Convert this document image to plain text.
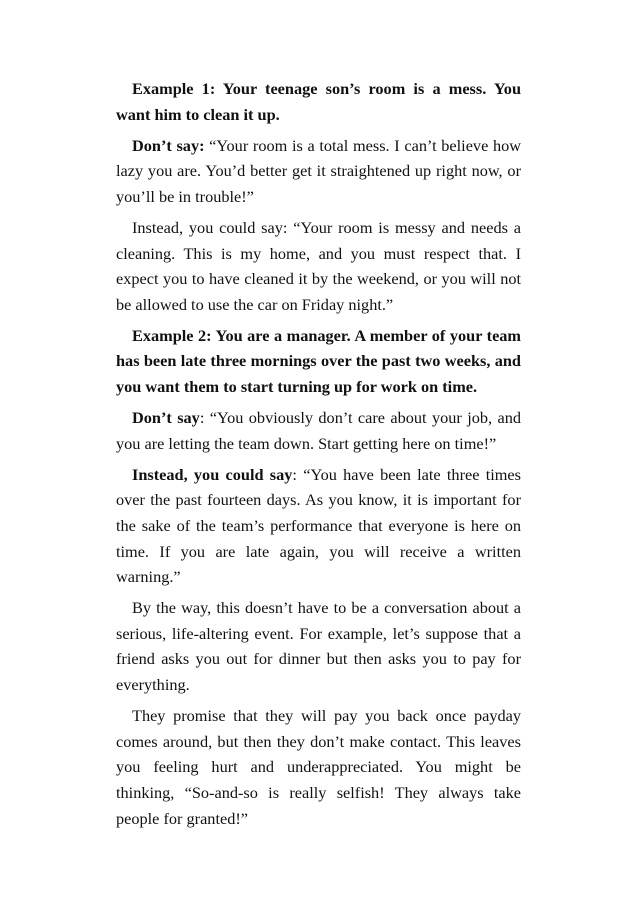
Example 1: Your teenage son’s room is a mess. You want him to clean it up.

Don’t say: “Your room is a total mess. I can’t believe how lazy you are. You’d better get it straightened up right now, or you’ll be in trouble!”

Instead, you could say: “Your room is messy and needs a cleaning. This is my home, and you must respect that. I expect you to have cleaned it by the weekend, or you will not be allowed to use the car on Friday night.”

Example 2: You are a manager. A member of your team has been late three mornings over the past two weeks, and you want them to start turning up for work on time.

Don’t say: “You obviously don’t care about your job, and you are letting the team down. Start getting here on time!”

Instead, you could say: “You have been late three times over the past fourteen days. As you know, it is important for the sake of the team’s performance that everyone is here on time. If you are late again, you will receive a written warning.”

By the way, this doesn’t have to be a conversation about a serious, life-altering event. For example, let’s suppose that a friend asks you out for dinner but then asks you to pay for everything.

They promise that they will pay you back once payday comes around, but then they don’t make contact. This leaves you feeling hurt and underappreciated. You might be thinking, “So-and-so is really selfish! They always take people for granted!”
